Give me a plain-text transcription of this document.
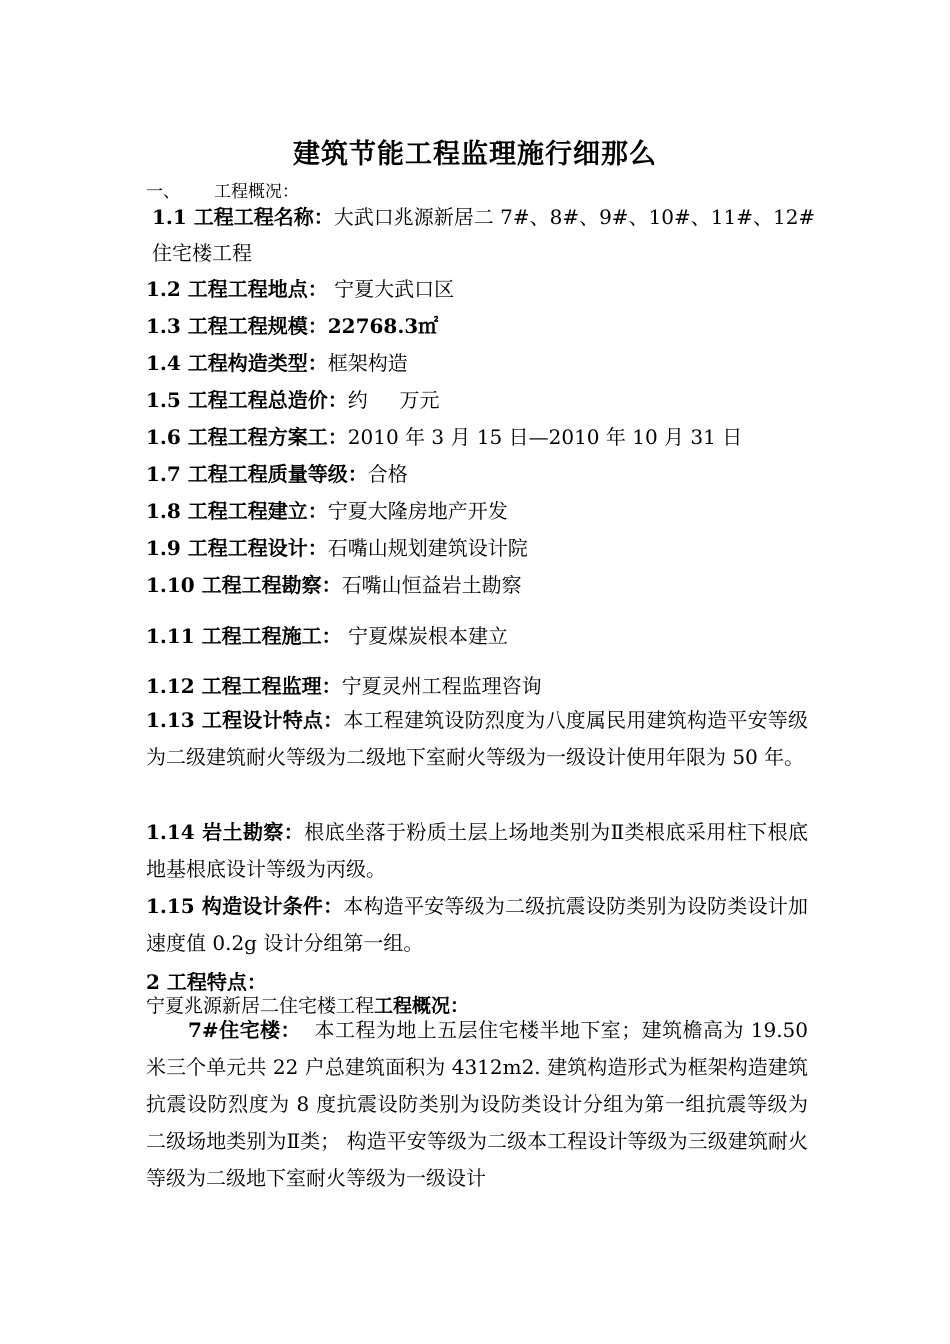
建筑节能工程监理施行细那么
一、 工程概况：
1.1 工程工程名称：大武口兆源新居二 7#、8#、9#、10#、11#、12#
住宅楼工程
1.2 工程工程地点： 宁夏大武口区
1.3 工程工程规模：22768.3㎡
1.4 工程构造类型：框架构造
1.5 工程工程总造价：约     万元
1.6 工程工程方案工：2010 年 3 月 15 日—2010 年 10 月 31 日
1.7 工程工程质量等级：合格
1.8 工程工程建立：宁夏大隆房地产开发
1.9 工程工程设计：石嘴山规划建筑设计院
1.10 工程工程勘察：石嘴山恒益岩土勘察
1.11 工程工程施工： 宁夏煤炭根本建立
1.12 工程工程监理：宁夏灵州工程监理咨询
1.13 工程设计特点：本工程建筑设防烈度为八度属民用建筑构造平安等级为二级建筑耐火等级为二级地下室耐火等级为一级设计使用年限为 50 年。
1.14 岩土勘察：根底坐落于粉质土层上场地类别为Ⅱ类根底采用柱下根底地基根底设计等级为丙级。
1.15 构造设计条件：本构造平安等级为二级抗震设防类别为设防类设计加速度值 0.2g 设计分组第一组。
2 工程特点：
宁夏兆源新居二住宅楼工程工程概况：
7#住宅楼：  本工程为地上五层住宅楼半地下室；建筑檐高为 19.50 米三个单元共 22 户总建筑面积为 4312m2. 建筑构造形式为框架构造建筑抗震设防烈度为 8 度抗震设防类别为设防类设计分组为第一组抗震等级为二级场地类别为Ⅱ类； 构造平安等级为二级本工程设计等级为三级建筑耐火等级为二级地下室耐火等级为一级设计
